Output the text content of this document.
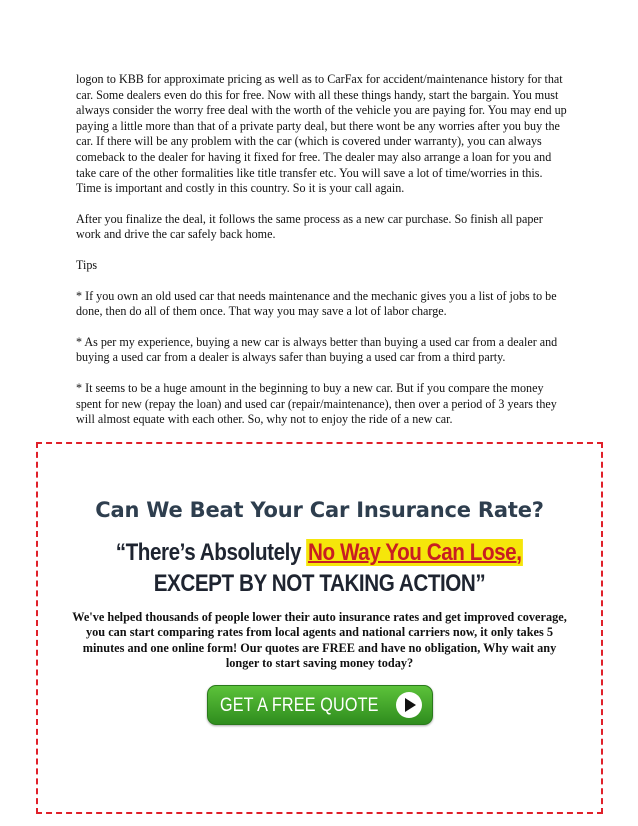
logon to KBB for approximate pricing as well as to CarFax for accident/maintenance history for that car. Some dealers even do this for free. Now with all these things handy, start the bargain. You must always consider the worry free deal with the worth of the vehicle you are paying for. You may end up paying a little more than that of a private party deal, but there wont be any worries after you buy the car. If there will be any problem with the car (which is covered under warranty), you can always comeback to the dealer for having it fixed for free. The dealer may also arrange a loan for you and take care of the other formalities like title transfer etc. You will save a lot of time/worries in this. Time is important and costly in this country. So it is your call again.

After you finalize the deal, it follows the same process as a new car purchase. So finish all paper work and drive the car safely back home.

Tips

* If you own an old used car that needs maintenance and the mechanic gives you a list of jobs to be done, then do all of them once. That way you may save a lot of labor charge.

* As per my experience, buying a new car is always better than buying a used car from a dealer and buying a used car from a dealer is always safer than buying a used car from a third party.

* It seems to be a huge amount in the beginning to buy a new car. But if you compare the money spent for new (repay the loan) and used car (repair/maintenance), then over a period of 3 years they will almost equate with each other. So, why not to enjoy the ride of a new car.

Can We Beat Your Car Insurance Rate?
“There’s Absolutely No Way You Can Lose,
EXCEPT BY NOT TAKING ACTION”
We've helped thousands of people lower their auto insurance rates and get improved coverage, you can start comparing rates from local agents and national carriers now, it only takes 5 minutes and one online form! Our quotes are FREE and have no obligation, Why wait any longer to start saving money today?
GET A FREE QUOTE
